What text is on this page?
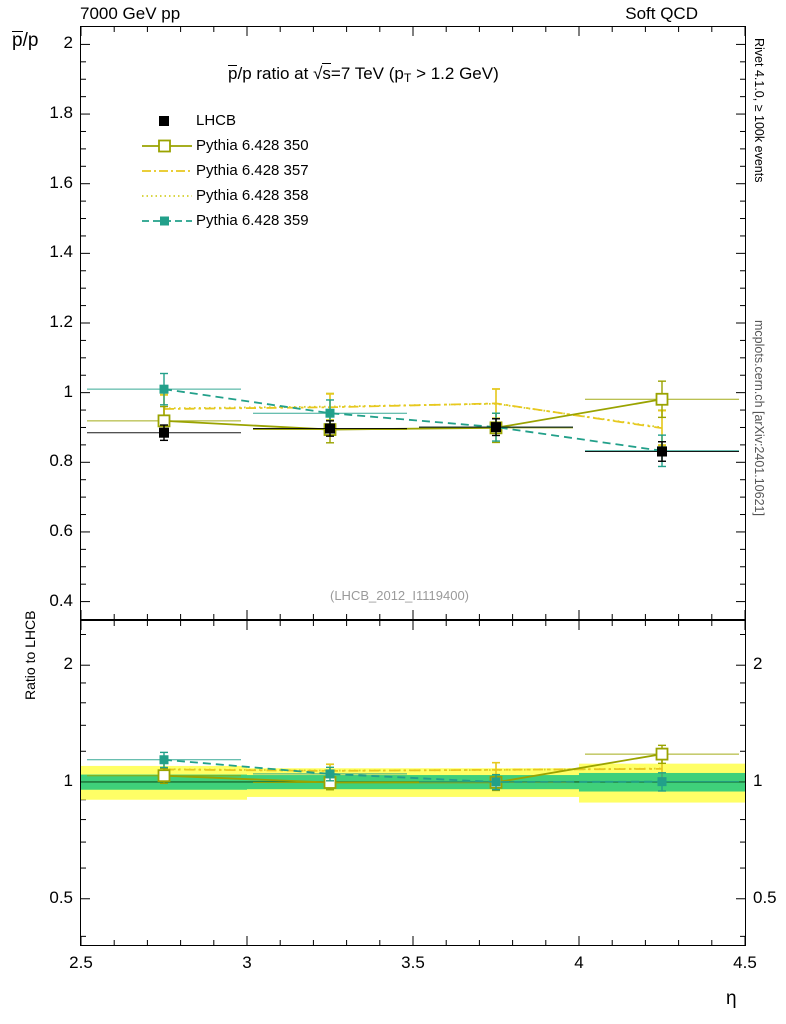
7000 GeV pp	Soft QCD
p/p
Ratio to LHCB
η
Rivet 4.1.0, ≥ 100k events
mcplots.cern.ch [arXiv:2401.10621]
p/p ratio at √s=7 TeV ($p_T > 1.2$ GeV)
(LHCB_2012_I1119400)
LHCB
Pythia 6.428 350
Pythia 6.428 357
Pythia 6.428 358
Pythia 6.428 359
0.4
0.6
0.8
1
1.2
1.4
1.6
1.8
2
0.5	0.5
1	1
2	2
2.5	3	3.5	4	4.5
